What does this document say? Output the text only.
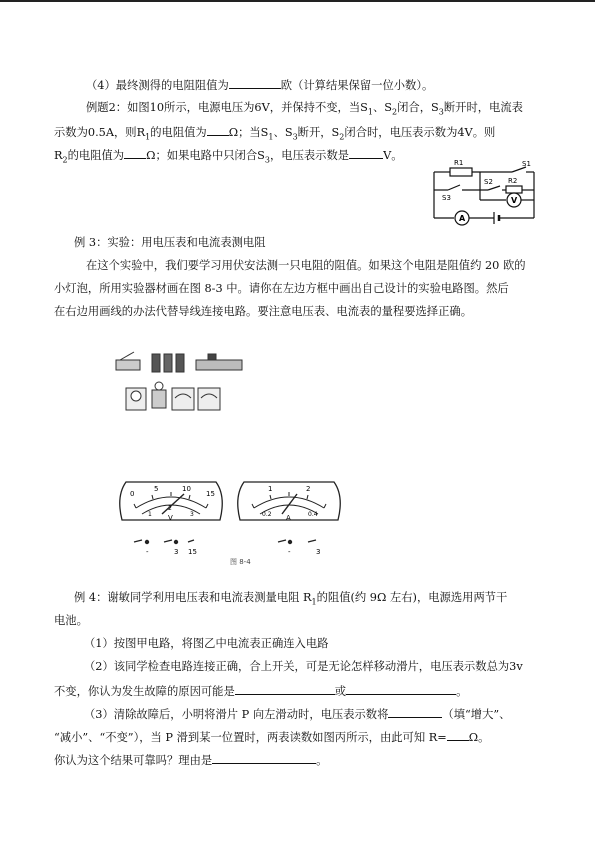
（4）最终测得的电阻阻值为	欧（计算结果保留一位小数）。
例题2：如图10所示，电源电压为6V，并保持不变，当$S_1$、$S_2$闭合，$S_3$断开时，电流表
示数为0.5A，则$R_1$的电阻值为 Ω；当$S_1$、$S_3$断开，$S_2$闭合时，电压表示数为4V。则
$R_2$的电阻值为 Ω；如果电路中只闭合$S_3$，电压表示数是	V。
R1	S1
S2 R2
S3	V
A
例 3：实验：用电压表和电流表测电阻
在这个实验中，我们要学习用伏安法测一只电阻的阻值。如果这个电阻是阻值约 20 欧的
小灯泡，所用实验器材画在图 8-3 中。请你在左边方框中画出自己设计的实验电路图。然后
在右边用画线的办法代替导线连接电路。要注意电压表、电流表的量程要选择正确。
0
5	10
15
1
2
3
V
-	3 15
1	2
0.2	0.4
A
-	3
图 8-4
例 4：谢敏同学利用电压表和电流表测量电阻 $R_1$的阻值(约 9Ω 左右)，电源选用两节干
电池。
（1）按图甲电路，将图乙中电流表正确连入电路
（2）该同学检查电路连接正确，合上开关，可是无论怎样移动滑片，电压表示数总为3v
不变，你认为发生故障的原因可能是	或	。
（3）清除故障后，小明将滑片 P 向左滑动时，电压表示数将	（填“增大”、
“减小”、“不变”），当 P 滑到某一位置时，两表读数如图丙所示，由此可知 R= Ω。
你认为这个结果可靠吗？理由是	。
